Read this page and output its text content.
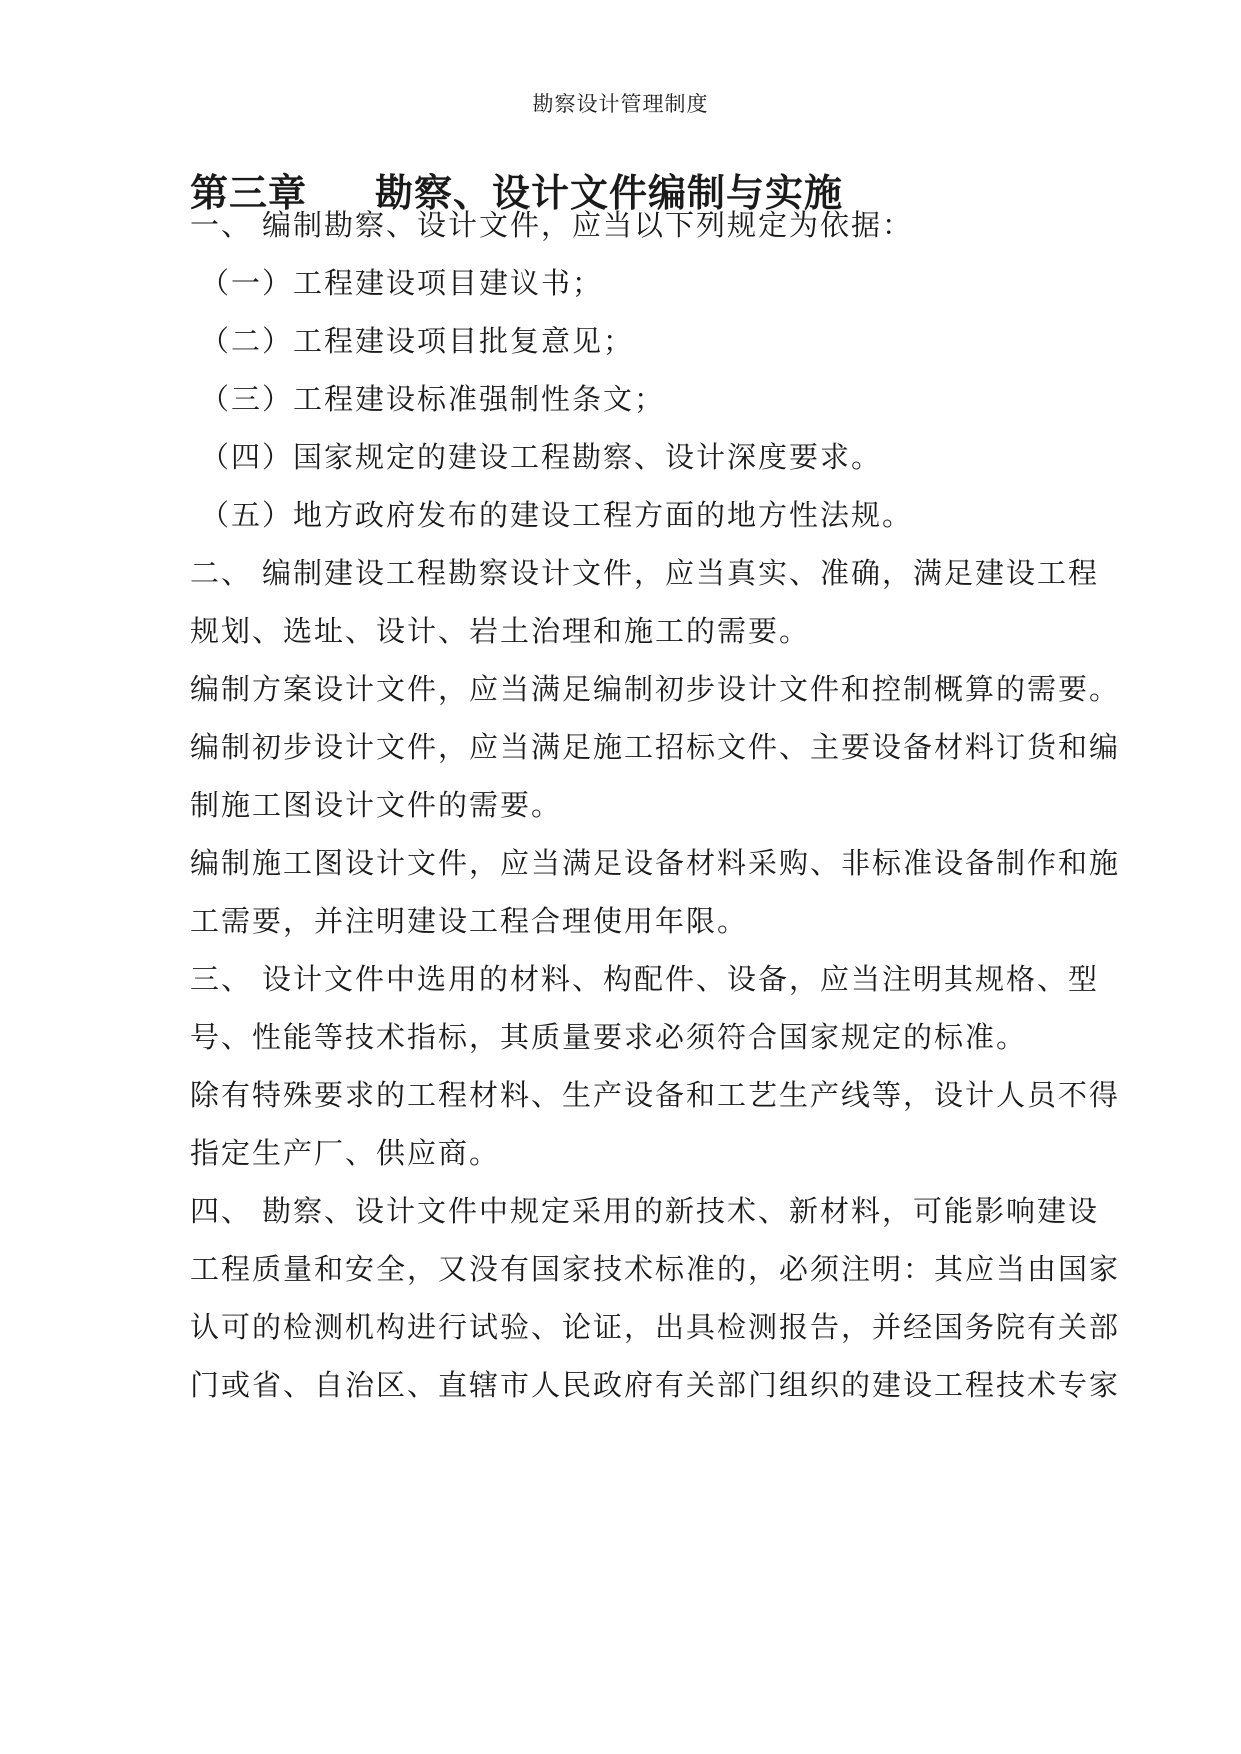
勘察设计管理制度
第三章 勘察、设计文件编制与实施
一、 编制勘察、设计文件，应当以下列规定为依据：
（一）工程建设项目建议书；
（二）工程建设项目批复意见；
（三）工程建设标准强制性条文；
（四）国家规定的建设工程勘察、设计深度要求。
（五）地方政府发布的建设工程方面的地方性法规。
二、 编制建设工程勘察设计文件，应当真实、准确，满足建设工程
规划、选址、设计、岩土治理和施工的需要。
编制方案设计文件，应当满足编制初步设计文件和控制概算的需要。
编制初步设计文件，应当满足施工招标文件、主要设备材料订货和编
制施工图设计文件的需要。
编制施工图设计文件，应当满足设备材料采购、非标准设备制作和施
工需要，并注明建设工程合理使用年限。
三、 设计文件中选用的材料、构配件、设备，应当注明其规格、型
号、性能等技术指标，其质量要求必须符合国家规定的标准。
除有特殊要求的工程材料、生产设备和工艺生产线等，设计人员不得
指定生产厂、供应商。
四、 勘察、设计文件中规定采用的新技术、新材料，可能影响建设
工程质量和安全，又没有国家技术标准的，必须注明：其应当由国家
认可的检测机构进行试验、论证，出具检测报告，并经国务院有关部
门或省、自治区、直辖市人民政府有关部门组织的建设工程技术专家
